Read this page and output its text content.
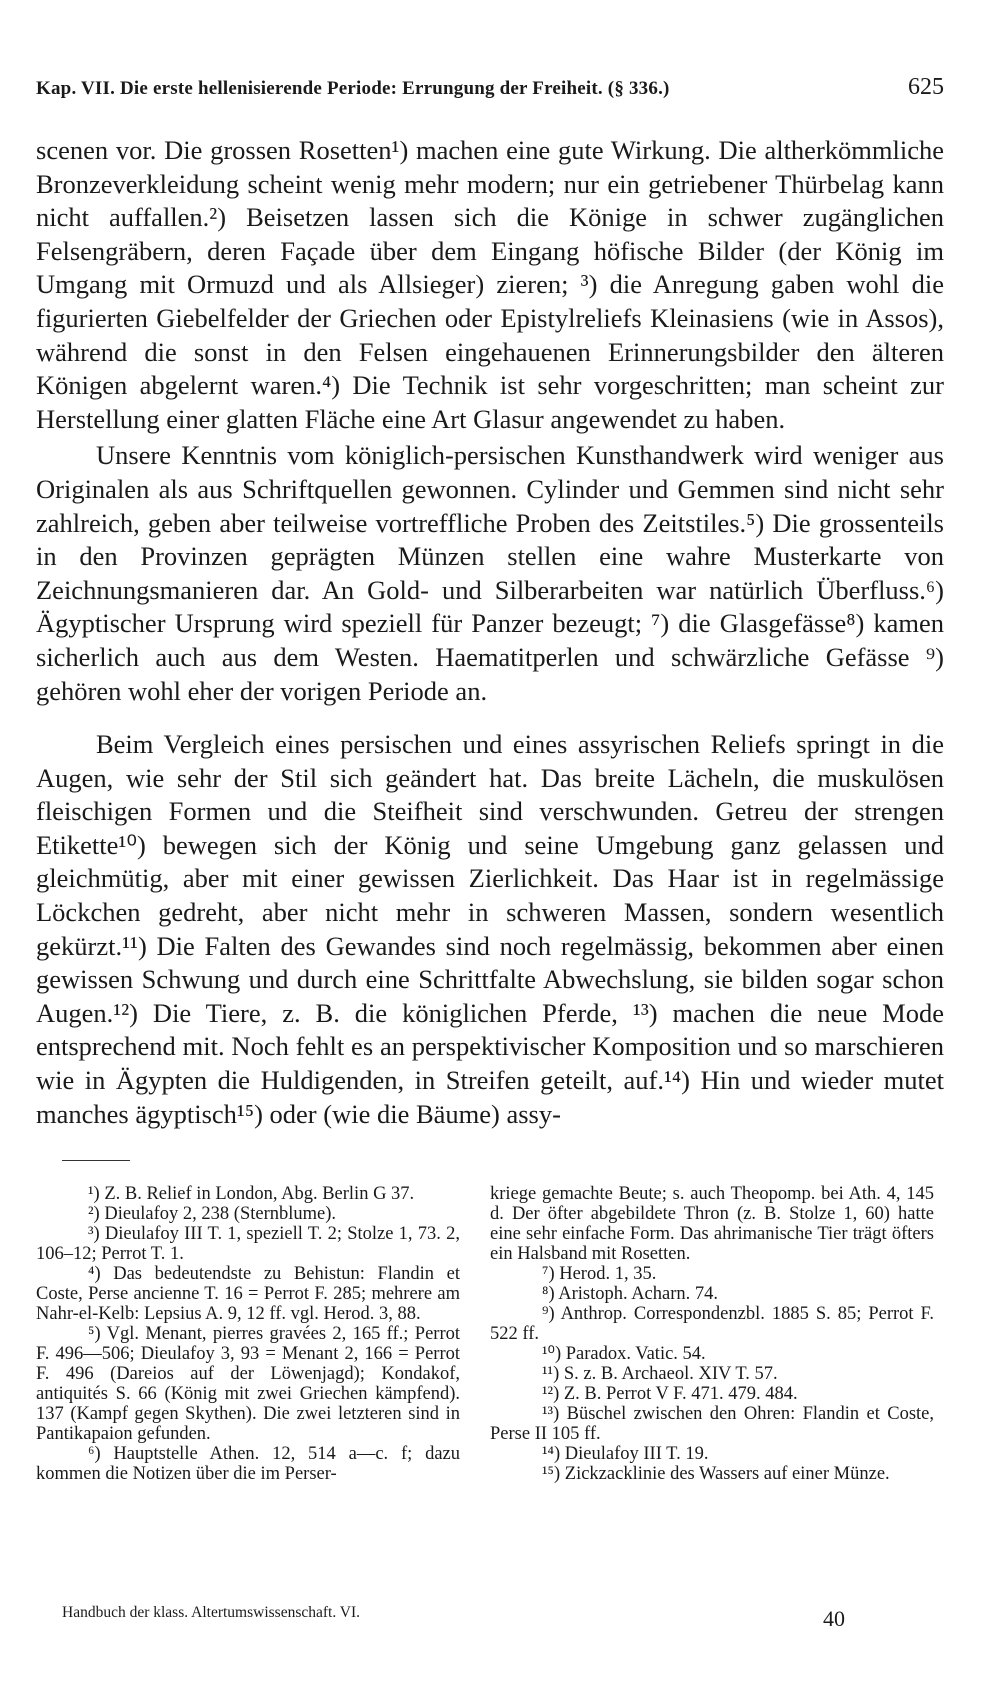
Kap. VII. Die erste hellenisierende Periode: Errungung der Freiheit. (§ 336.)	625

scenen vor. Die grossen Rosetten¹) machen eine gute Wirkung. Die altherkömmliche Bronzeverkleidung scheint wenig mehr modern; nur ein getriebener Thürbelag kann nicht auffallen.²) Beisetzen lassen sich die Könige in schwer zugänglichen Felsengräbern, deren Façade über dem Eingang höfische Bilder (der König im Umgang mit Ormuzd und als Allsieger) zieren; ³) die Anregung gaben wohl die figurierten Giebelfelder der Griechen oder Epistylreliefs Kleinasiens (wie in Assos), während die sonst in den Felsen eingehauenen Erinnerungsbilder den älteren Königen abgelernt waren.⁴) Die Technik ist sehr vorgeschritten; man scheint zur Herstellung einer glatten Fläche eine Art Glasur angewendet zu haben.

Unsere Kenntnis vom königlich-persischen Kunsthandwerk wird weniger aus Originalen als aus Schriftquellen gewonnen. Cylinder und Gemmen sind nicht sehr zahlreich, geben aber teilweise vortreffliche Proben des Zeitstiles.⁵) Die grossenteils in den Provinzen geprägten Münzen stellen eine wahre Musterkarte von Zeichnungsmanieren dar. An Gold- und Silberarbeiten war natürlich Überfluss.⁶) Ägyptischer Ursprung wird speziell für Panzer bezeugt; ⁷) die Glasgefässe⁸) kamen sicherlich auch aus dem Westen. Haematitperlen und schwärzliche Gefässe ⁹) gehören wohl eher der vorigen Periode an.

Beim Vergleich eines persischen und eines assyrischen Reliefs springt in die Augen, wie sehr der Stil sich geändert hat. Das breite Lächeln, die muskulösen fleischigen Formen und die Steifheit sind verschwunden. Getreu der strengen Etikette¹⁰) bewegen sich der König und seine Umgebung ganz gelassen und gleichmütig, aber mit einer gewissen Zierlichkeit. Das Haar ist in regelmässige Löckchen gedreht, aber nicht mehr in schweren Massen, sondern wesentlich gekürzt.¹¹) Die Falten des Gewandes sind noch regelmässig, bekommen aber einen gewissen Schwung und durch eine Schrittfalte Abwechslung, sie bilden sogar schon Augen.¹²) Die Tiere, z. B. die königlichen Pferde, ¹³) machen die neue Mode entsprechend mit. Noch fehlt es an perspektivischer Komposition und so marschieren wie in Ägypten die Huldigenden, in Streifen geteilt, auf.¹⁴) Hin und wieder mutet manches ägyptisch¹⁵) oder (wie die Bäume) assy-

¹) Z. B. Relief in London, Abg. Berlin G 37.

²) Dieulafoy 2, 238 (Sternblume).

³) Dieulafoy III T. 1, speziell T. 2; Stolze 1, 73. 2, 106–12; Perrot T. 1.

⁴) Das bedeutendste zu Behistun: Flandin et Coste, Perse ancienne T. 16 = Perrot F. 285; mehrere am Nahr-el-Kelb: Lepsius A. 9, 12 ff. vgl. Herod. 3, 88.

⁵) Vgl. Menant, pierres gravées 2, 165 ff.; Perrot F. 496—506; Dieulafoy 3, 93 = Menant 2, 166 = Perrot F. 496 (Dareios auf der Löwenjagd); Kondakof, antiquités S. 66 (König mit zwei Griechen kämpfend). 137 (Kampf gegen Skythen). Die zwei letzteren sind in Pantikapaion gefunden.

⁶) Hauptstelle Athen. 12, 514 a—c. f; dazu kommen die Notizen über die im Perser-

kriege gemachte Beute; s. auch Theopomp. bei Ath. 4, 145 d. Der öfter abgebildete Thron (z. B. Stolze 1, 60) hatte eine sehr einfache Form. Das ahrimanische Tier trägt öfters ein Halsband mit Rosetten.

⁷) Herod. 1, 35.

⁸) Aristoph. Acharn. 74.

⁹) Anthrop. Correspondenzbl. 1885 S. 85; Perrot F. 522 ff.

¹⁰) Paradox. Vatic. 54.

¹¹) S. z. B. Archaeol. XIV T. 57.

¹²) Z. B. Perrot V F. 471. 479. 484.

¹³) Büschel zwischen den Ohren: Flandin et Coste, Perse II 105 ff.

¹⁴) Dieulafoy III T. 19.

¹⁵) Zickzacklinie des Wassers auf einer Münze.

Handbuch der klass. Altertumswissenschaft. VI.	40
